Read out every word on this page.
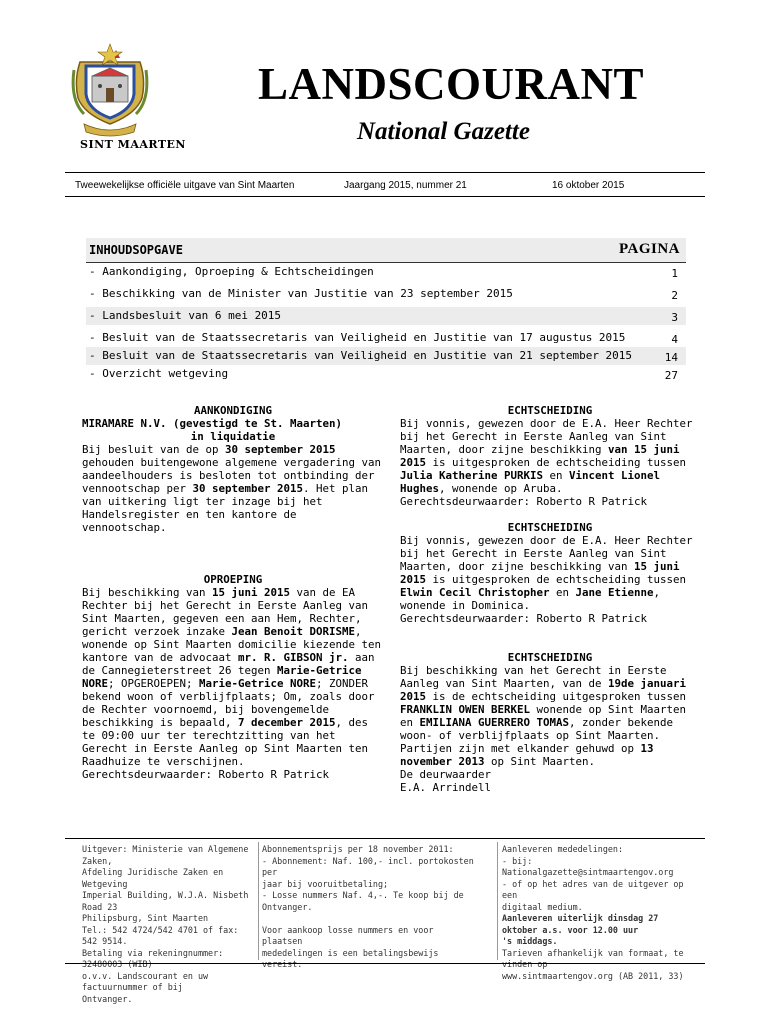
SINT MAARTEN
LANDSCOURANT
National Gazette
Tweewekelijkse officiële uitgave van Sint Maarten	Jaargang 2015, nummer 21	16 oktober 2015
INHOUDSOPGAVE	PAGINA
- Aankondiging, Oproeping & Echtscheidingen	1
- Beschikking van de Minister van Justitie van 23 september 2015	2
- Landsbesluit van 6 mei 2015	3
- Besluit van de Staatssecretaris van Veiligheid en Justitie van 17 augustus 2015	4
- Besluit van de Staatssecretaris van Veiligheid en Justitie van 21 september 2015	14
- Overzicht wetgeving	27

AANKONDIGING

MIRAMARE N.V. (gevestigd te St. Maarten)

in liquidatie

Bij besluit van de op 30 september 2015 gehouden buitengewone algemene vergadering van aandeelhouders is besloten tot ontbinding der vennootschap per 30 september 2015. Het plan van uitkering ligt ter inzage bij het Handelsregister en ten kantore de vennootschap.

OPROEPING

Bij beschikking van 15 juni 2015 van de EA Rechter bij het Gerecht in Eerste Aanleg van Sint Maarten, gegeven een aan Hem, Rechter, gericht verzoek inzake Jean Benoit DORISME, wonende op Sint Maarten domicilie kiezende ten kantore van de advocaat mr. R. GIBSON jr. aan de Cannegieterstreet 26 tegen Marie-Getrice NORE; OPGEROEPEN; Marie-Getrice NORE; ZONDER bekend woon of verblijfplaats; Om, zoals door de Rechter voornoemd, bij bovengemelde beschikking is bepaald, 7 december 2015, des te 09:00 uur ter terechtzitting van het Gerecht in Eerste Aanleg op Sint Maarten ten Raadhuize te verschijnen.

Gerechtsdeurwaarder: Roberto R Patrick

ECHTSCHEIDING

Bij vonnis, gewezen door de E.A. Heer Rechter bij het Gerecht in Eerste Aanleg van Sint Maarten, door zijne beschikking van 15 juni 2015 is uitgesproken de echtscheiding tussen Julia Katherine PURKIS en Vincent Lionel Hughes, wonende op Aruba.

Gerechtsdeurwaarder: Roberto R Patrick

ECHTSCHEIDING

Bij vonnis, gewezen door de E.A. Heer Rechter bij het Gerecht in Eerste Aanleg van Sint Maarten, door zijne beschikking van 15 juni 2015 is uitgesproken de echtscheiding tussen Elwin Cecil Christopher en Jane Etienne, wonende in Dominica.

Gerechtsdeurwaarder: Roberto R Patrick

ECHTSCHEIDING

Bij beschikking van het Gerecht in Eerste Aanleg van Sint Maarten, van de 19de januari 2015 is de echtscheiding uitgesproken tussen FRANKLIN OWEN BERKEL wonende op Sint Maarten en EMILIANA GUERRERO TOMAS, zonder bekende woon- of verblijfplaats op Sint Maarten. Partijen zijn met elkander gehuwd op 13 november 2013 op Sint Maarten.

De deurwaarder

E.A. Arrindell

Uitgever: Ministerie van Algemene Zaken,
Afdeling Juridische Zaken en Wetgeving
Imperial Building, W.J.A. Nisbeth Road 23
Philipsburg, Sint Maarten
Tel.: 542 4724/542 4701 of fax: 542 9514.
Betaling via rekeningnummer: 32480003 (WIB)
o.v.v. Landscourant en uw factuurnummer of bij
Ontvanger.
Abonnementsprijs per 18 november 2011:
- Abonnement: Naf. 100,- incl. portokosten per
jaar bij vooruitbetaling;
- Losse nummers Naf. 4,-. Te koop bij de
Ontvanger.
Voor aankoop losse nummers en voor plaatsen
mededelingen is een betalingsbewijs vereist.
Aanleveren mededelingen:
- bij: Nationalgazette@sintmaartengov.org
- of op het adres van de uitgever op een
digitaal medium.
Aanleveren uiterlijk dinsdag 27
oktober a.s. voor 12.00 uur
's middags.
Tarieven afhankelijk van formaat, te vinden op
www.sintmaartengov.org (AB 2011, 33)
